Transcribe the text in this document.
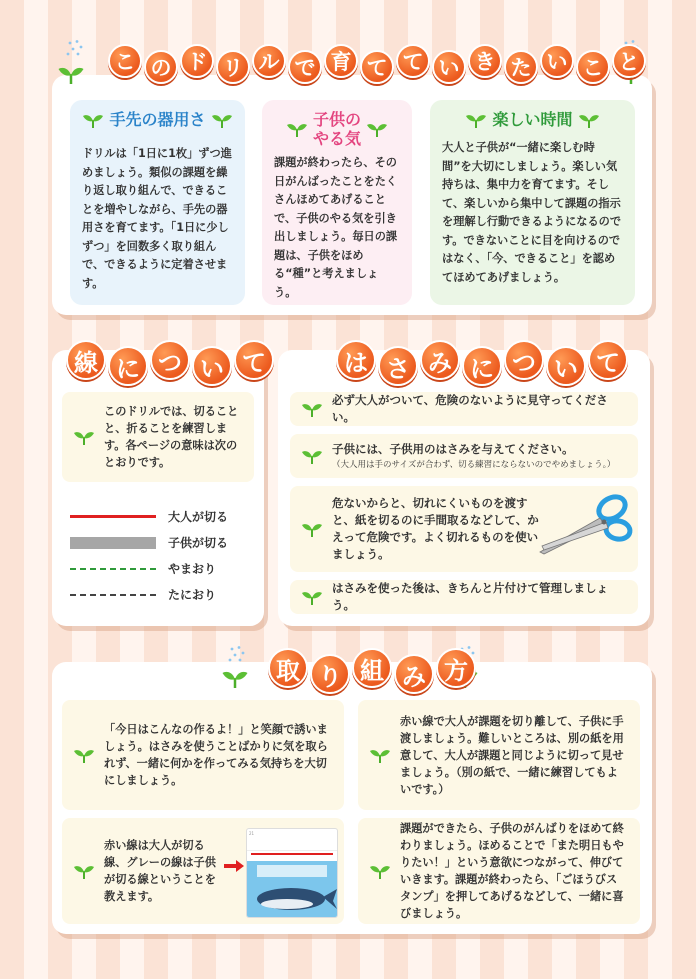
こ の ド リ ル で 育 て て い き た い こ と
手先の器用さ

ドリルは「1日に1枚」ずつ進めましょう。類似の課題を繰り返し取り組んで、できることを増やしながら、手先の器用さを育てます。「1日に少しずつ」を回数多く取り組んで、できるように定着させます。

子供の
やる気

課題が終わったら、その日がんばったことをたくさんほめてあげることで、子供のやる気を引き出しましょう。毎日の課題は、子供をほめる“種”と考えましょう。

楽しい時間

大人と子供が“一緒に楽しむ時間”を大切にしましょう。楽しい気持ちは、集中力を育てます。そして、楽しいから集中して課題の指示を理解し行動できるようになるのです。できないことに目を向けるのではなく、「今、できること」を認めてほめてあげましょう。

線 に つ い て
このドリルでは、切ることと、折ることを練習します。各ページの意味は次のとおりです。
大人が切る
子供が切る
やまおり
たにおり
は さ み に つ い て
必ず大人がついて、危険のないように見守ってください。
子供には、子供用のはさみを与えてください。
（大人用は手のサイズが合わず、切る練習にならないのでやめましょう。）
危ないからと、切れにくいものを渡すと、紙を切るのに手間取るなどして、かえって危険です。よく切れるものを使いましょう。
はさみを使った後は、きちんと片付けて管理しましょう。
取 り 組 み 方
「今日はこんなの作るよ！」と笑顔で誘いましょう。はさみを使うことばかりに気を取られず、一緒に何かを作ってみる気持ちを大切にしましょう。
赤い線は大人が切る線、グレーの線は子供が切る線ということを教えます。
21
赤い線で大人が課題を切り離して、子供に手渡しましょう。難しいところは、別の紙を用意して、大人が課題と同じように切って見せましょう。（別の紙で、一緒に練習してもよいです。）
課題ができたら、子供のがんばりをほめて終わりましょう。ほめることで「また明日もやりたい！」という意欲につながって、伸びていきます。課題が終わったら、「ごほうびスタンプ」を押してあげるなどして、一緒に喜びましょう。
